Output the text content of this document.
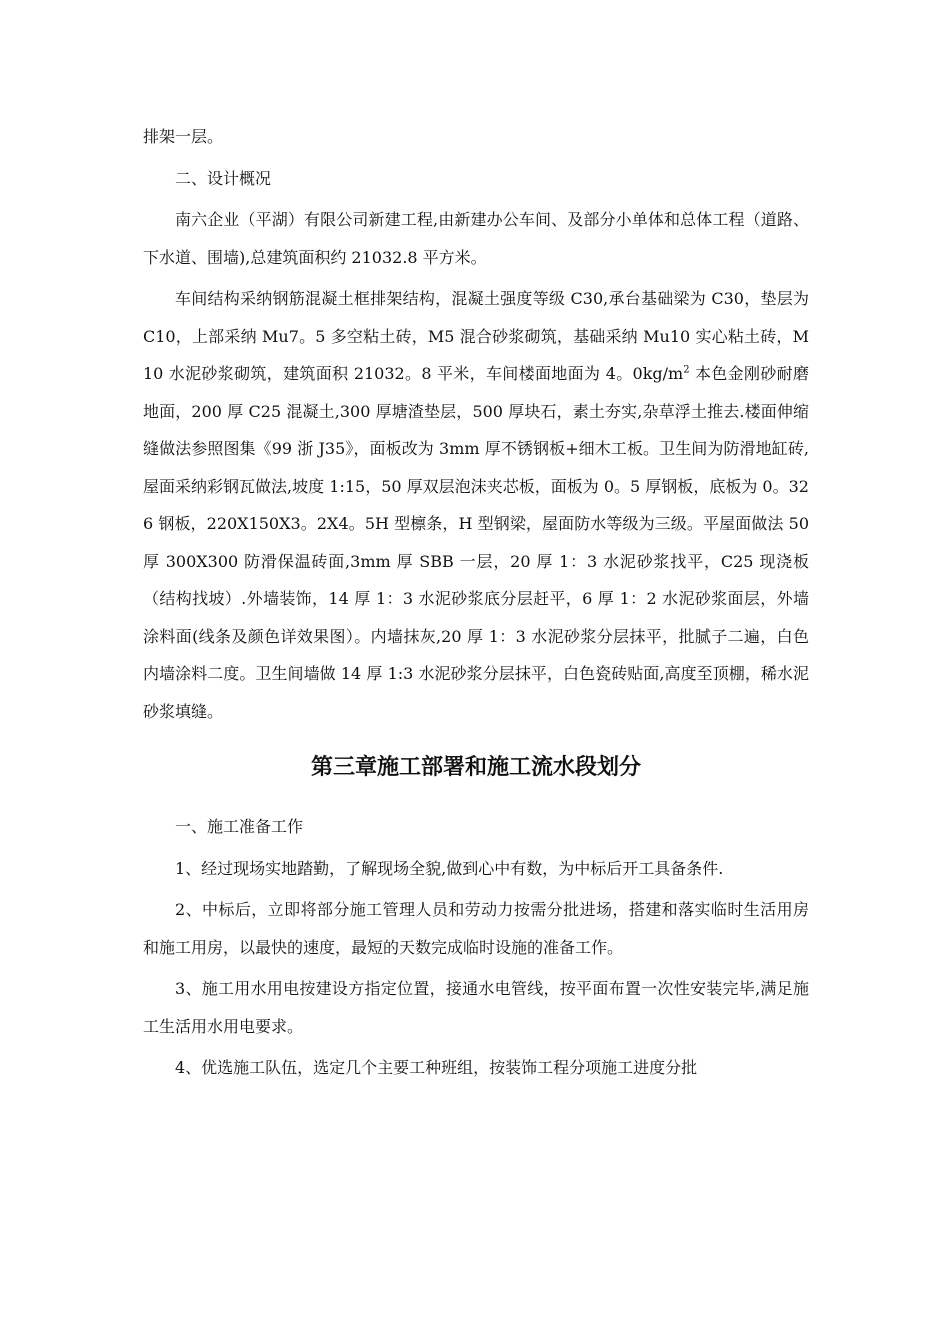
排架一层。

二、设计概况

南六企业（平湖）有限公司新建工程,由新建办公车间、及部分小单体和总体工程（道路、下水道、围墙),总建筑面积约 21032.8 平方米。

车间结构采纳钢筋混凝土框排架结构，混凝土强度等级 C30,承台基础梁为 C30，垫层为 C10，上部采纳 Mu7。5 多空粘土砖，M5 混合砂浆砌筑，基础采纳 Mu10 实心粘土砖，M10 水泥砂浆砌筑，建筑面积 21032。8 平米，车间楼面地面为 4。$0kg/m^2$ 本色金刚砂耐磨地面，200 厚 C25 混凝土,300 厚塘渣垫层，500 厚块石，素土夯实,杂草浮土推去.楼面伸缩缝做法参照图集《99 浙 J35》，面板改为 3mm 厚不锈钢板+细木工板。卫生间为防滑地缸砖,屋面采纳彩钢瓦做法,坡度 1:15，50 厚双层泡沫夹芯板，面板为 0。5 厚钢板，底板为 0。326 钢板，220X150X3。2X4。5H 型檩条，H 型钢梁，屋面防水等级为三级。平屋面做法 50 厚 300X300 防滑保温砖面,3mm 厚 SBB 一层，20 厚 1：3 水泥砂浆找平，C25 现浇板（结构找坡）.外墙装饰，14 厚 1：3 水泥砂浆底分层赶平，6 厚 1：2 水泥砂浆面层，外墙涂料面(线条及颜色详效果图）。内墙抹灰,20 厚 1：3 水泥砂浆分层抹平，批腻子二遍，白色内墙涂料二度。卫生间墙做 14 厚 1:3 水泥砂浆分层抹平，白色瓷砖贴面,高度至顶棚，稀水泥砂浆填缝。

第三章施工部署和施工流水段划分

一、施工准备工作

1、经过现场实地踏勤，了解现场全貌,做到心中有数，为中标后开工具备条件.

2、中标后，立即将部分施工管理人员和劳动力按需分批进场，搭建和落实临时生活用房和施工用房，以最快的速度，最短的天数完成临时设施的准备工作。

3、施工用水用电按建设方指定位置，接通水电管线，按平面布置一次性安装完毕,满足施工生活用水用电要求。

4、优选施工队伍，选定几个主要工种班组，按装饰工程分项施工进度分批
